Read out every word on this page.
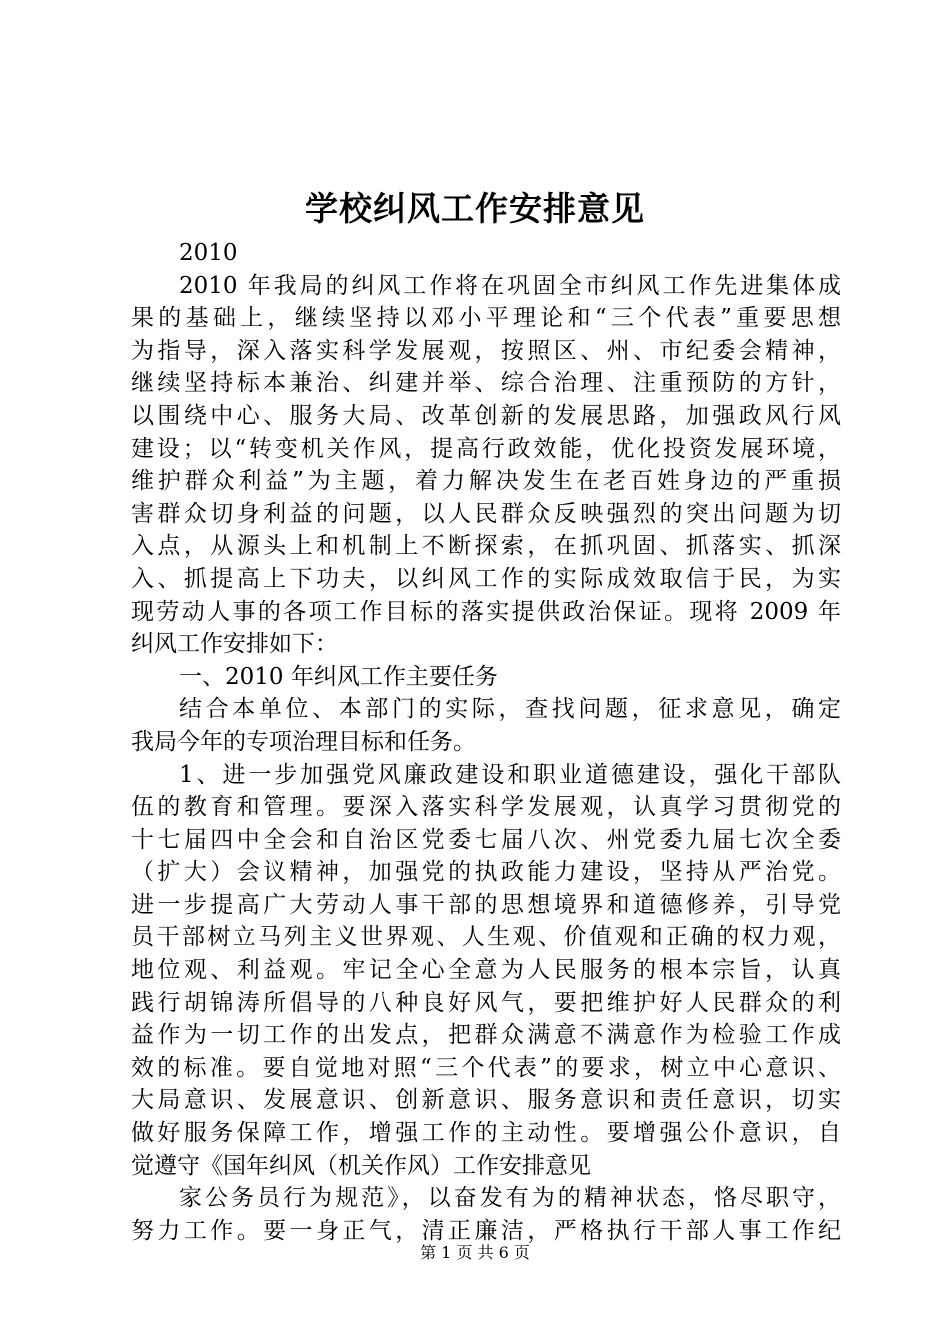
学校纠风工作安排意见
2010
2010 年我局的纠风工作将在巩固全市纠风工作先进集体成
果的基础上，继续坚持以邓小平理论和“三个代表”重要思想
为指导，深入落实科学发展观，按照区、州、市纪委会精神，
继续坚持标本兼治、纠建并举、综合治理、注重预防的方针，
以围绕中心、服务大局、改革创新的发展思路，加强政风行风
建设；以“转变机关作风，提高行政效能，优化投资发展环境，
维护群众利益”为主题，着力解决发生在老百姓身边的严重损
害群众切身利益的问题，以人民群众反映强烈的突出问题为切
入点，从源头上和机制上不断探索，在抓巩固、抓落实、抓深
入、抓提高上下功夫，以纠风工作的实际成效取信于民，为实
现劳动人事的各项工作目标的落实提供政治保证。现将 2009 年
纠风工作安排如下：
一、2010 年纠风工作主要任务
结合本单位、本部门的实际，查找问题，征求意见，确定
我局今年的专项治理目标和任务。
1、进一步加强党风廉政建设和职业道德建设，强化干部队
伍的教育和管理。要深入落实科学发展观，认真学习贯彻党的
十七届四中全会和自治区党委七届八次、州党委九届七次全委
（扩大）会议精神，加强党的执政能力建设，坚持从严治党。
进一步提高广大劳动人事干部的思想境界和道德修养，引导党
员干部树立马列主义世界观、人生观、价值观和正确的权力观，
地位观、利益观。牢记全心全意为人民服务的根本宗旨，认真
践行胡锦涛所倡导的八种良好风气，要把维护好人民群众的利
益作为一切工作的出发点，把群众满意不满意作为检验工作成
效的标准。要自觉地对照“三个代表”的要求，树立中心意识、
大局意识、发展意识、创新意识、服务意识和责任意识，切实
做好服务保障工作，增强工作的主动性。要增强公仆意识，自
觉遵守《国年纠风（机关作风）工作安排意见
家公务员行为规范》，以奋发有为的精神状态，恪尽职守，
努力工作。要一身正气，清正廉洁，严格执行干部人事工作纪
第 1 页 共 6 页
